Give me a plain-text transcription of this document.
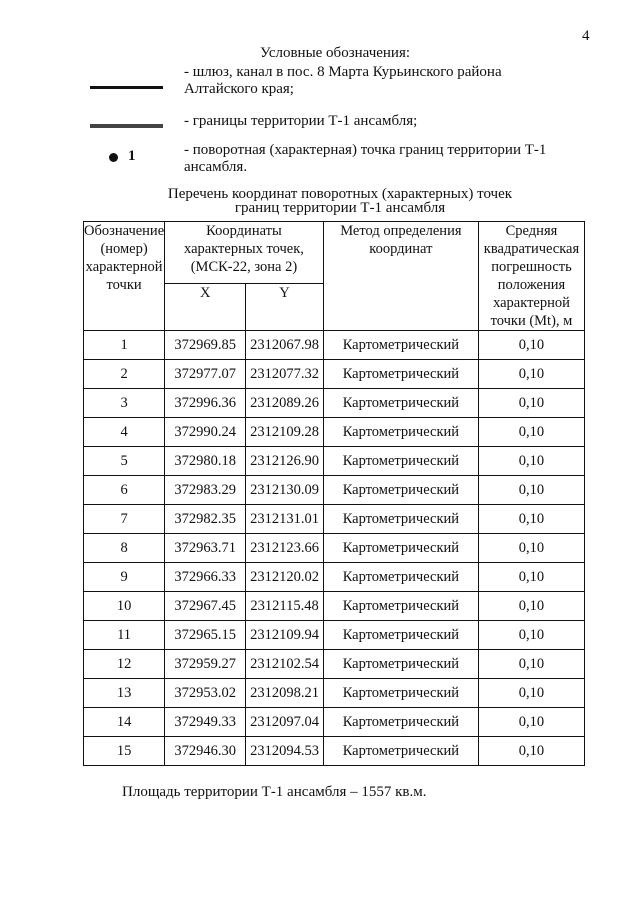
4
Условные обозначения:
- шлюз, канал в пос. 8 Марта Курьинского района Алтайского края;
- границы территории Т-1 ансамбля;
1	- поворотная (характерная) точка границ территории Т-1 ансамбля.
Перечень координат поворотных (характерных) точек
границ территории Т-1 ансамбля
Обозначение (номер) характерной точки	Координаты характерных точек, (МСК-22, зона 2)		Метод определения координат	Средняя квадратическая погрешность положения характерной точки (Mt), м
	X	Y		
1	372969.85	2312067.98	Картометрический	0,10
2	372977.07	2312077.32	Картометрический	0,10
3	372996.36	2312089.26	Картометрический	0,10
4	372990.24	2312109.28	Картометрический	0,10
5	372980.18	2312126.90	Картометрический	0,10
6	372983.29	2312130.09	Картометрический	0,10
7	372982.35	2312131.01	Картометрический	0,10
8	372963.71	2312123.66	Картометрический	0,10
9	372966.33	2312120.02	Картометрический	0,10
10	372967.45	2312115.48	Картометрический	0,10
11	372965.15	2312109.94	Картометрический	0,10
12	372959.27	2312102.54	Картометрический	0,10
13	372953.02	2312098.21	Картометрический	0,10
14	372949.33	2312097.04	Картометрический	0,10
15	372946.30	2312094.53	Картометрический	0,10
Площадь территории Т-1 ансамбля – 1557 кв.м.
